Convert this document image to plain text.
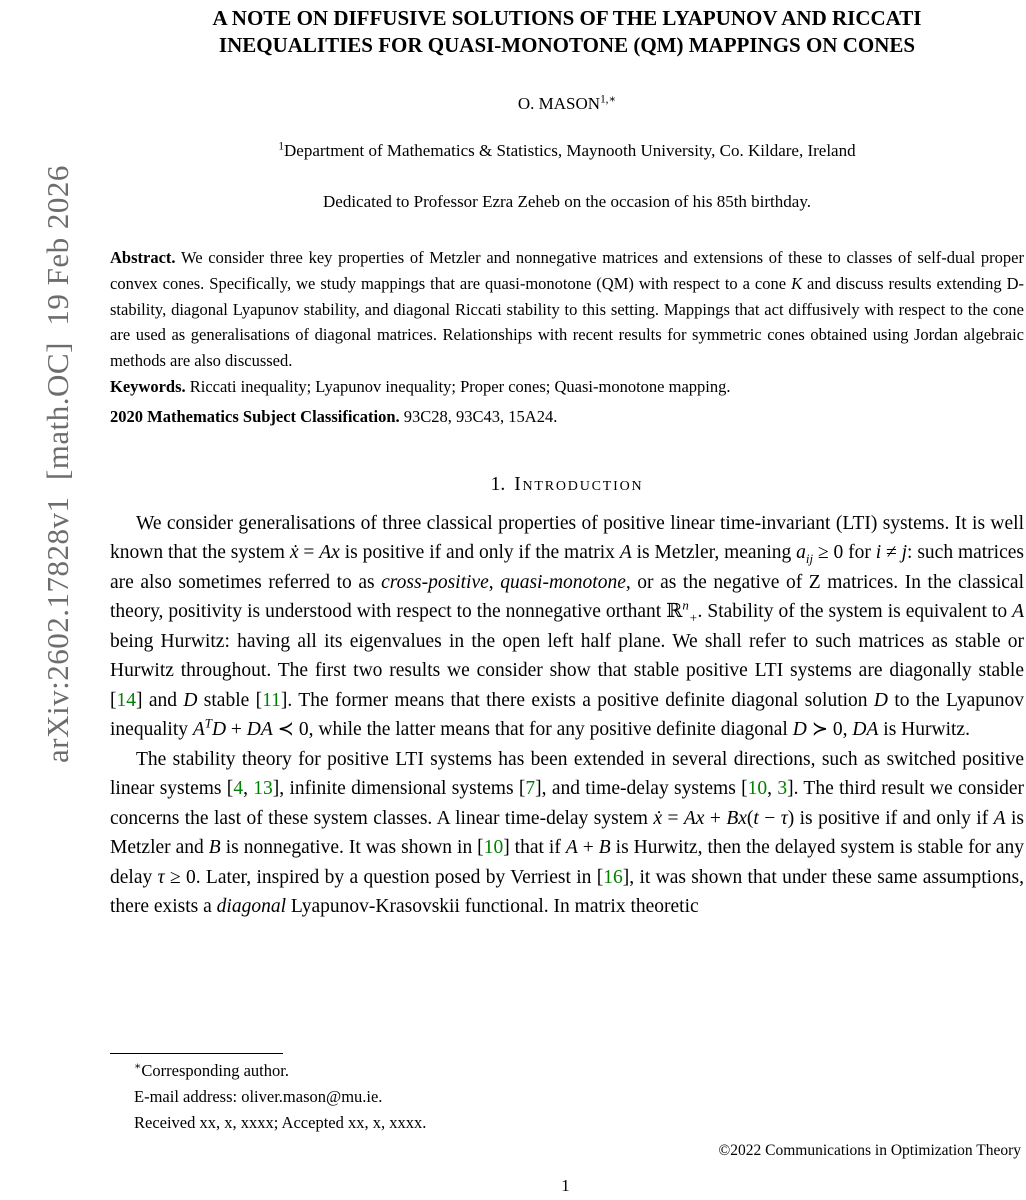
arXiv:2602.17828v1  [math.OC]  19 Feb 2026

A NOTE ON DIFFUSIVE SOLUTIONS OF THE LYAPUNOV AND RICCATI
INEQUALITIES FOR QUASI-MONOTONE (QM) MAPPINGS ON CONES
O. $MASON^{1,∗}$
$^1$Department of Mathematics & Statistics, Maynooth University, Co. Kildare, Ireland
Dedicated to Professor Ezra Zeheb on the occasion of his 85th birthday.

Abstract. We consider three key properties of Metzler and nonnegative matrices and extensions of these to classes of self-dual proper convex cones. Specifically, we study mappings that are quasi-monotone (QM) with respect to a cone K and discuss results extending D-stability, diagonal Lyapunov stability, and diagonal Riccati stability to this setting. Mappings that act diffusively with respect to the cone are used as generalisations of diagonal matrices. Relationships with recent results for symmetric cones obtained using Jordan algebraic methods are also discussed.

Keywords. Riccati inequality; Lyapunov inequality; Proper cones; Quasi-monotone mapping.

2020 Mathematics Subject Classification. 93C28, 93C43, 15A24.

1. Introduction

We consider generalisations of three classical properties of positive linear time-invariant (LTI) systems. It is well known that the system ẋ = Ax is positive if and only if the matrix A is Metzler, meaning $a_{ij} \ge 0$ for i ≠ j: such matrices are also sometimes referred to as cross-positive, quasi-monotone, or as the negative of Z matrices. In the classical theory, positivity is understood with respect to the nonnegative orthant ℝ$^n_+$. Stability of the system is equivalent to A being Hurwitz: having all its eigenvalues in the open left half plane. We shall refer to such matrices as stable or Hurwitz throughout. The first two results we consider show that stable positive LTI systems are diagonally stable [14] and D stable [11]. The former means that there exists a positive definite diagonal solution D to the Lyapunov inequality $A^TD$ + DA ≺ 0, while the latter means that for any positive definite diagonal D ≻ 0, DA is Hurwitz.

The stability theory for positive LTI systems has been extended in several directions, such as switched positive linear systems [4, 13], infinite dimensional systems [7], and time-delay systems [10, 3]. The third result we consider concerns the last of these system classes. A linear time-delay system ẋ = Ax + Bx(t − τ) is positive if and only if A is Metzler and B is nonnegative. It was shown in [10] that if A + B is Hurwitz, then the delayed system is stable for any delay τ ≥ 0. Later, inspired by a question posed by Verriest in [16], it was shown that under these same assumptions, there exists a diagonal Lyapunov-Krasovskii functional. In matrix theoretic

∗Corresponding author.
E-mail address: oliver.mason@mu.ie.
Received xx, x, xxxx; Accepted xx, x, xxxx.
©2022 Communications in Optimization Theory
1
